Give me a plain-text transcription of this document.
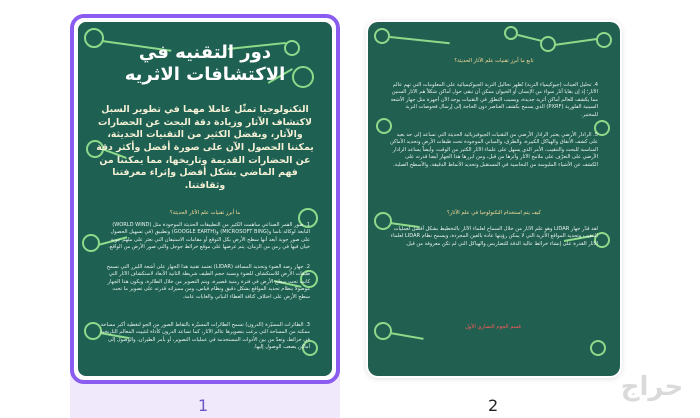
دور التقنيه في الاكتشافات الاثريه
التكنولوجيا تمثّل عاملا مهما في تطوير السبل لاكتشاف الآثار وزيادة دقة البحث عن الحضارات والآثار، وبفضل الكثير من التقنيات الحديثة، يمكننا الحصول الآن على صورة أفضل وأكثر دقة عن الحضارات القديمة وتاريخها، مما يمكننا من فهم الماضي بشكل أفضل وإثراء معرفتنا وثقافتنا.
ما أبرز تقنيات علم الآثار الحديثة؟
1. صور القمر الصناعي ساهمت الكثير من التطبيقات الحديثة الموجودة مثل (WORLD WIND) التابعة لوكالة ناسا و(MICROSOFT BING) و(GOOGLE EARTH) وتطبيق (في تسهيل الحصول على صور جوية أبعد أنها سطح الأرض بكل التوقع أو مقامات الاستيفان التي تعثر على ملهم جوية خيان فيها في زمن من الزمان، يتم عرضها على موقع خرائط جوجل والتي صور الأرض من الواقع.
2. جهاز رصد الضوء وتحديد المسافة (LIDAR) تعتمد تقنية هذا الجهاز على أشعة الليزر التي تسمح طبقات الأرض للاستكشاف للضوء ونسبة حجم الطيف شريطة الثانية الأبعاد لاستكشاف الآثار التي كانت تحت سطح الأرض في فترة زمنية قصيرة، ويتم التصوير من خلال الطائرة، ويكون هذا الجهاز موصولا بنظام تحديد المواقع بشكل دقيق ونظام قياس، ومن مميزاته قدرته على تصوير ما تحت سطح الأرض على اختلاف كثافة الغطاء النباتي والغابات عامة.
3. الطائرات المسيّرة (الدرون) تسمح الطائرات المسيّرة بالتقاط الصور من الجو لتغطية أكبر مساحة ممكنة من المساحة التي يرغب بتصويرها عالم الآثار، كما تساعد الدرون كأداة لتثبيت المعالم التاريخية في خرائط، وتعدّ من بين الأدوات المستخدمة في عمليات التصوير، أو بأمر الطيران، والوصول إلى أماكن يصعب الوصول إليها.
تابع ما أبرز تقنيات علم الآثار الحديثة؟
4. تحليل العينات (جيوكيمياء التربة) تُظهر تحاليل التربة الجيوكيميائية على المعلومات التي تهم عالم الآثار؛ إذ إن بقايا آثار سواء من الإنسان أو الحيوان ممكن أن تبقى حول أماكن شكلاً هم الآثار السنين مما يكشف للعالم أماكن أثرية جديدة، ويسبب التطوّر في التقنيات يوجد الآن أجهزة مثل جهاز الأشعة السينية الفلورية (PXRF) الذي يسمح بكشف العناصر دون الحاجة إلى إرسال فحوصات التربة للمختبر.
5. الرادار الأرضي يعتبر الرادار الأرضي من التقنيات الجيوفيزيائية الحديثة التي تساعد إلى حد بعيد على كشف الأنفاق والهياكل الكبيرة، والطرق، والمباني الموجودة تحت طبقات الأرض وتحديد الأماكن المناسبة للبحث والتنقيب، الأمر الذي يسهل على علماء الآثار الكثير من الوقت، وأيضاً يساعد الرادار الأرضي على التعرّف على ملامح الآثار وأثرها من قبل، ومن ابرزها هذا الجهاز أيضا قدرته على الكشف عن الأشياء الملبوسة من النحاسية في المستقبل وتحديد الأنماط الدقيقة، والأسطح الصلبة.
كيف يتم استخدام التكنولوجيا في علم الآثار؟
لقد قدّر جهاز LIDAR وهو علم الآثار من خلال السماح لعلماء الآثار بالتخطيط بشكل أفضل لعمليات التنقيب وتحديد المواقع الأثرية التي لا يمكن رؤيتها عادة بالعين المجردة، ويسمح نظام LIDAR لعلماء الآثار القدرة على إنشاء خرائط عالية الدقة للتضاريس والهياكل التي لم تكن معروفة من قبل.
قسم الجوم النصاري الأول
1	2
حراج
